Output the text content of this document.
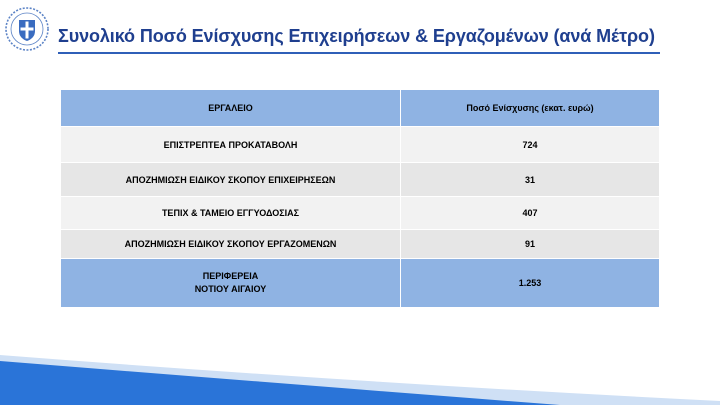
Συνολικό Ποσό Ενίσχυσης Επιχειρήσεων & Εργαζομένων (ανά Μέτρο)
ΕΡΓΑΛΕΙΟ	Ποσό Ενίσχυσης (εκατ. ευρώ)
ΕΠΙΣΤΡΕΠΤΕΑ ΠΡΟΚΑΤΑΒΟΛΗ	724
ΑΠΟΖΗΜΙΩΣΗ ΕΙΔΙΚΟΥ ΣΚΟΠΟΥ ΕΠΙΧΕΙΡΗΣΕΩΝ	31
ΤΕΠΙΧ & ΤΑΜΕΙΟ ΕΓΓΥΟΔΟΣΙΑΣ	407
ΑΠΟΖΗΜΙΩΣΗ ΕΙΔΙΚΟΥ ΣΚΟΠΟΥ ΕΡΓΑΖΟΜΕΝΩΝ	91

ΠΕΡΙΦΕΡΕΙΑ
ΝΟΤΙΟΥ ΑΙΓΑΙΟΥ	1.253
